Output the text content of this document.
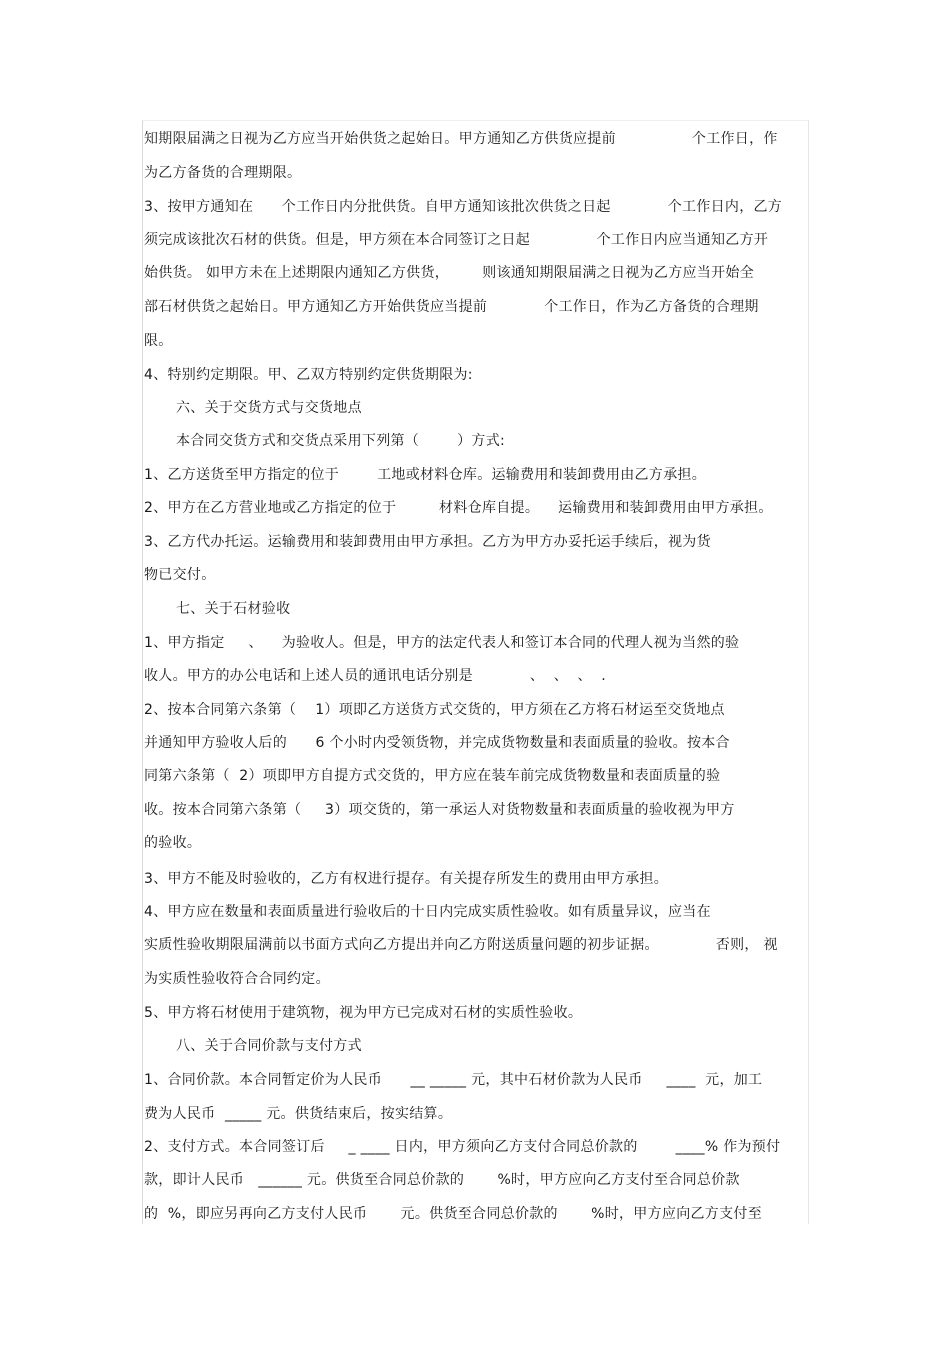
知期限届满之日视为乙方应当开始供货之起始日。甲方通知乙方供货应提前                个工作日，作
为乙方备货的合理期限。
3、按甲方通知在      个工作日内分批供货。自甲方通知该批次供货之日起            个工作日内，乙方
须完成该批次石材的供货。但是，甲方须在本合同签订之日起              个工作日内应当通知乙方开
始供货。 如甲方未在上述期限内通知乙方供货，       则该通知期限届满之日视为乙方应当开始全
部石材供货之起始日。甲方通知乙方开始供货应当提前            个工作日，作为乙方备货的合理期
限。
4、特别约定期限。甲、乙双方特别约定供货期限为:
六、关于交货方式与交货地点
本合同交货方式和交货点采用下列第（        ）方式:
1、乙方送货至甲方指定的位于        工地或材料仓库。运输费用和装卸费用由乙方承担。
2、甲方在乙方营业地或乙方指定的位于         材料仓库自提。    运输费用和装卸费用由甲方承担。
3、乙方代办托运。运输费用和装卸费用由甲方承担。乙方为甲方办妥托运手续后，视为货
物已交付。
七、关于石材验收
1、甲方指定     、    为验收人。但是，甲方的法定代表人和签订本合同的代理人视为当然的验
收人。甲方的办公电话和上述人员的通讯电话分别是            、  、  、  .
2、按本合同第六条第（    1）项即乙方送货方式交货的，甲方须在乙方将石材运至交货地点
并通知甲方验收人后的      6 个小时内受领货物，并完成货物数量和表面质量的验收。按本合
同第六条第（  2）项即甲方自提方式交货的，甲方应在装车前完成货物数量和表面质量的验
收。按本合同第六条第（     3）项交货的，第一承运人对货物数量和表面质量的验收视为甲方
的验收。
3、甲方不能及时验收的，乙方有权进行提存。有关提存所发生的费用由甲方承担。
4、甲方应在数量和表面质量进行验收后的十日内完成实质性验收。如有质量异议，应当在
实质性验收期限届满前以书面方式向乙方提出并向乙方附送质量问题的初步证据。            否则， 视
为实质性验收符合合同约定。
5、甲方将石材使用于建筑物，视为甲方已完成对石材的实质性验收。
八、关于合同价款与支付方式
1、合同价款。本合同暂定价为人民币      __ _____ 元，其中石材价款为人民币     ____  元，加工
费为人民币  _____ 元。供货结束后，按实结算。
2、支付方式。本合同签订后     _ ____ 日内，甲方须向乙方支付合同总价款的        ____% 作为预付
款，即计人民币   ______ 元。供货至合同总价款的       %时，甲方应向乙方支付至合同总价款
的  %，即应另再向乙方支付人民币       元。供货至合同总价款的       %时，甲方应向乙方支付至
